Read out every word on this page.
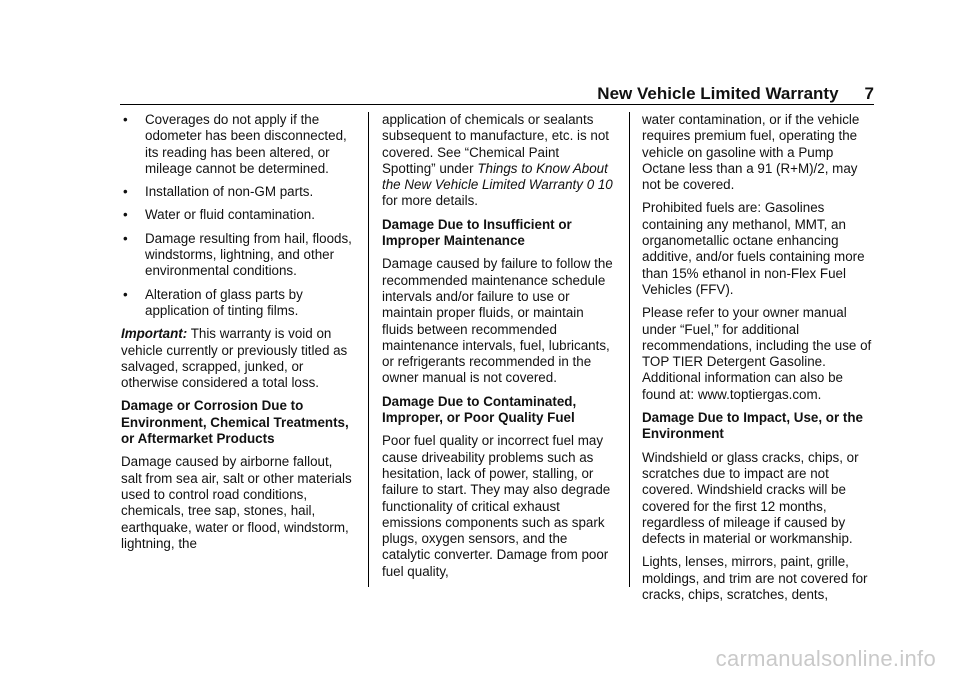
New Vehicle Limited Warranty 7
• Coverages do not apply if the odometer has been disconnected, its reading has been altered, or mileage cannot be determined.
• Installation of non-GM parts.
• Water or fluid contamination.
• Damage resulting from hail, floods, windstorms, lightning, and other environmental conditions.
• Alteration of glass parts by application of tinting films.

Important: This warranty is void on vehicle currently or previously titled as salvaged, scrapped, junked, or otherwise considered a total loss.

Damage or Corrosion Due to Environment, Chemical Treatments, or Aftermarket Products

Damage caused by airborne fallout, salt from sea air, salt or other materials used to control road conditions, chemicals, tree sap, stones, hail, earthquake, water or flood, windstorm, lightning, the

application of chemicals or sealants subsequent to manufacture, etc. is not covered. See “Chemical Paint Spotting” under Things to Know About the New Vehicle Limited Warranty 0 10 for more details.

Damage Due to Insufficient or Improper Maintenance

Damage caused by failure to follow the recommended maintenance schedule intervals and/or failure to use or maintain proper fluids, or maintain fluids between recommended maintenance intervals, fuel, lubricants, or refrigerants recommended in the owner manual is not covered.

Damage Due to Contaminated, Improper, or Poor Quality Fuel

Poor fuel quality or incorrect fuel may cause driveability problems such as hesitation, lack of power, stalling, or failure to start. They may also degrade functionality of critical exhaust emissions components such as spark plugs, oxygen sensors, and the catalytic converter. Damage from poor fuel quality,

water contamination, or if the vehicle requires premium fuel, operating the vehicle on gasoline with a Pump Octane less than a 91 (R+M)/2, may not be covered.

Prohibited fuels are: Gasolines containing any methanol, MMT, an organometallic octane enhancing additive, and/or fuels containing more than 15% ethanol in non-Flex Fuel Vehicles (FFV).

Please refer to your owner manual under “Fuel,” for additional recommendations, including the use of TOP TIER Detergent Gasoline. Additional information can also be found at: www.toptiergas.com.

Damage Due to Impact, Use, or the Environment

Windshield or glass cracks, chips, or scratches due to impact are not covered. Windshield cracks will be covered for the first 12 months, regardless of mileage if caused by defects in material or workmanship.

Lights, lenses, mirrors, paint, grille, moldings, and trim are not covered for cracks, chips, scratches, dents,

carmanualsonline.info
